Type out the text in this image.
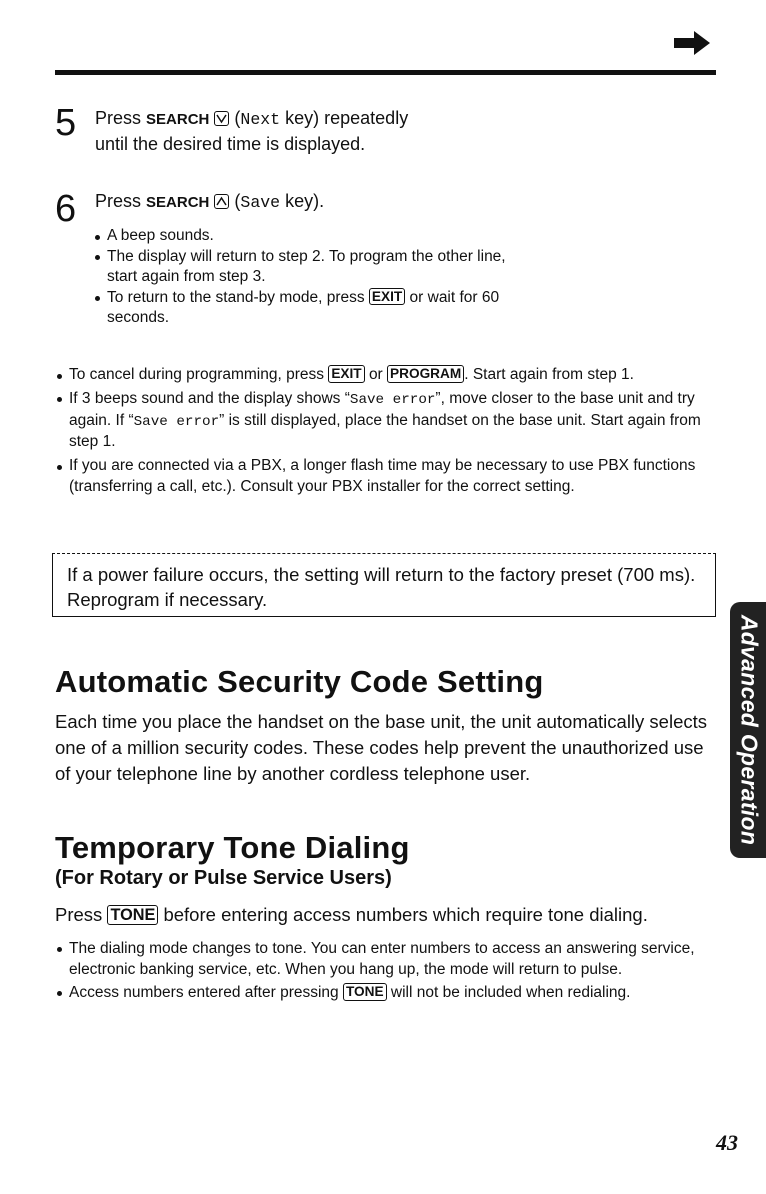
5 Press SEARCH
(Next key) repeatedly
until the desired time is displayed.
6 Press SEARCH
(Save key).
A beep sounds.
The display will return to step 2. To program the other line, start again from step 3.
To return to the stand-by mode, press EXIT or wait for 60 seconds.
To cancel during programming, press EXIT or PROGRAM . Start again from step 1.
If 3 beeps sound and the display shows “Save error”, move closer to the base unit and try again. If “Save error” is still displayed, place the handset on the base unit. Start again from step 1.
If you are connected via a PBX, a longer flash time may be necessary to use PBX functions (transferring a call, etc.). Consult your PBX installer for the correct setting.
If a power failure occurs, the setting will return to the factory preset (700 ms). Reprogram if necessary.
Automatic Security Code Setting
Each time you place the handset on the base unit, the unit automatically selects one of a million security codes. These codes help prevent the unauthorized use of your telephone line by another cordless telephone user.
Temporary Tone Dialing
(For Rotary or Pulse Service Users)
Press TONE before entering access numbers which require tone dialing.
The dialing mode changes to tone. You can enter numbers to access an answering service, electronic banking service, etc. When you hang up, the mode will return to pulse.
Access numbers entered after pressing TONE will not be included when redialing.
Advanced Operation
43
